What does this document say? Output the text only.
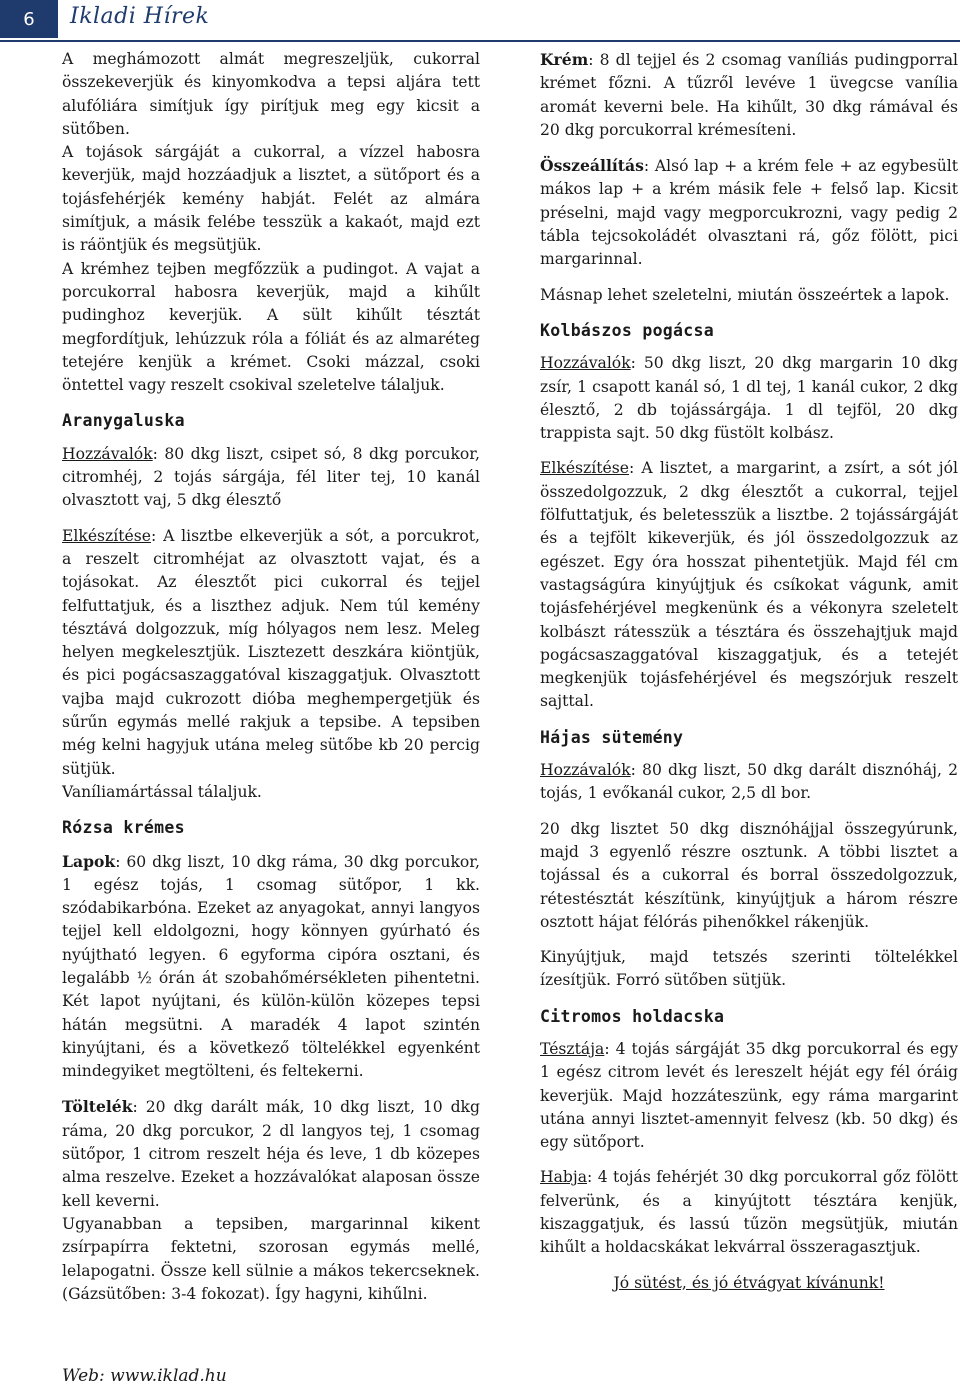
6	Ikladi Hírek

A meghámozott almát megreszeljük, cukorral összekeverjük és kinyomkodva a tepsi aljára tett alufóliára simítjuk így pirítjuk meg egy kicsit a sütőben.

A tojások sárgáját a cukorral, a vízzel habosra keverjük, majd hozzáadjuk a lisztet, a sütőport és a tojásfehérjék kemény habját. Felét az almára simítjuk, a másik felébe tesszük a kakaót, majd ezt is ráöntjük és megsütjük.

A krémhez tejben megfőzzük a pudingot. A vajat a porcukorral habosra keverjük, majd a kihűlt pudinghoz keverjük. A sült kihűlt tésztát megfordítjuk, lehúzzuk róla a fóliát és az almaréteg tetejére kenjük a krémet. Csoki mázzal, csoki öntettel vagy reszelt csokival szeletelve tálaljuk.

Aranygaluska

Hozzávalók: 80 dkg liszt, csipet só, 8 dkg porcukor, citromhéj, 2 tojás sárgája, fél liter tej, 10 kanál olvasztott vaj, 5 dkg élesztő

Elkészítése: A lisztbe elkeverjük a sót, a porcukrot, a reszelt citromhéjat az olvasztott vajat, és a tojásokat. Az élesztőt pici cukorral és tejjel felfuttatjuk, és a liszthez adjuk. Nem túl kemény tésztává dolgozzuk, míg hólyagos nem lesz. Meleg helyen megkelesztjük. Lisztezett deszkára kiöntjük, és pici pogácsaszaggatóval kiszaggatjuk. Olvasztott vajba majd cukrozott dióba meghempergetjük és sűrűn egymás mellé rakjuk a tepsibe. A tepsiben még kelni hagyjuk utána meleg sütőbe kb 20 percig sütjük.

Vaníliamártással tálaljuk.

Rózsa krémes

Lapok: 60 dkg liszt, 10 dkg ráma, 30 dkg porcukor, 1 egész tojás, 1 csomag sütőpor, 1 kk. szódabikarbóna. Ezeket az anyagokat, annyi langyos tejjel kell eldolgozni, hogy könnyen gyúrható és nyújtható legyen. 6 egyforma cipóra osztani, és legalább ½ órán át szobahőmérsékleten pihentetni. Két lapot nyújtani, és külön-külön közepes tepsi hátán megsütni. A maradék 4 lapot szintén kinyújtani, és a következő töltelékkel egyenként mindegyiket megtölteni, és feltekerni.

Töltelék: 20 dkg darált mák, 10 dkg liszt, 10 dkg ráma, 20 dkg porcukor, 2 dl langyos tej, 1 csomag sütőpor, 1 citrom reszelt héja és leve, 1 db közepes alma reszelve. Ezeket a hozzávalókat alaposan össze kell keverni.

Ugyanabban a tepsiben, margarinnal kikent zsírpapírra fektetni, szorosan egymás mellé, lelapogatni. Össze kell sülnie a mákos tekercseknek. (Gázsütőben: 3-4 fokozat). Így hagyni, kihűlni.

Krém: 8 dl tejjel és 2 csomag vaníliás pudingporral krémet főzni. A tűzről levéve 1 üvegcse vanília aromát keverni bele. Ha kihűlt, 30 dkg rámával és 20 dkg porcukorral krémesíteni.

Összeállítás: Alsó lap + a krém fele + az egybesült mákos lap + a krém másik fele + felső lap. Kicsit préselni, majd vagy megporcukrozni, vagy pedig 2 tábla tejcsokoládét olvasztani rá, gőz fölött, pici margarinnal.

Másnap lehet szeletelni, miután összeértek a lapok.

Kolbászos pogácsa

Hozzávalók: 50 dkg liszt, 20 dkg margarin 10 dkg zsír, 1 csapott kanál só, 1 dl tej, 1 kanál cukor, 2 dkg élesztő, 2 db tojássárgája. 1 dl tejföl, 20 dkg trappista sajt. 50 dkg füstölt kolbász.

Elkészítése: A lisztet, a margarint, a zsírt, a sót jól összedolgozzuk, 2 dkg élesztőt a cukorral, tejjel fölfuttatjuk, és beletesszük a lisztbe. 2 tojássárgáját és a tejfölt kikeverjük, és jól összedolgozzuk az egészet. Egy óra hosszat pihentetjük. Majd fél cm vastagságúra kinyújtjuk és csíkokat vágunk, amit tojásfehérjével megkenünk és a vékonyra szeletelt kolbászt rátesszük a tésztára és összehajtjuk majd pogácsaszaggatóval kiszaggatjuk, és a tetejét megkenjük tojásfehérjével és megszórjuk reszelt sajttal.

Hájas sütemény

Hozzávalók: 80 dkg liszt, 50 dkg darált disznóháj, 2 tojás, 1 evőkanál cukor, 2,5 dl bor.

20 dkg lisztet 50 dkg disznóhájjal összegyúrunk, majd 3 egyenlő részre osztunk. A többi lisztet a tojással és a cukorral és borral összedolgozzuk, rétestésztát készítünk, kinyújtjuk a három részre osztott hájat félórás pihenőkkel rákenjük.

Kinyújtjuk, majd tetszés szerinti töltelékkel ízesítjük. Forró sütőben sütjük.

Citromos holdacska

Tésztája: 4 tojás sárgáját 35 dkg porcukorral és egy 1 egész citrom levét és lereszelt héját egy fél óráig keverjük. Majd hozzáteszünk, egy ráma margarint utána annyi lisztet-amennyit felvesz (kb. 50 dkg) és egy sütőport.

Habja: 4 tojás fehérjét 30 dkg porcukorral gőz fölött felverünk, és a kinyújtott tésztára kenjük, kiszaggatjuk, és lassú tűzön megsütjük, miután kihűlt a holdacskákat lekvárral összeragasztjuk.

Jó sütést, és jó étvágyat kívánunk!

Web: www.iklad.hu
